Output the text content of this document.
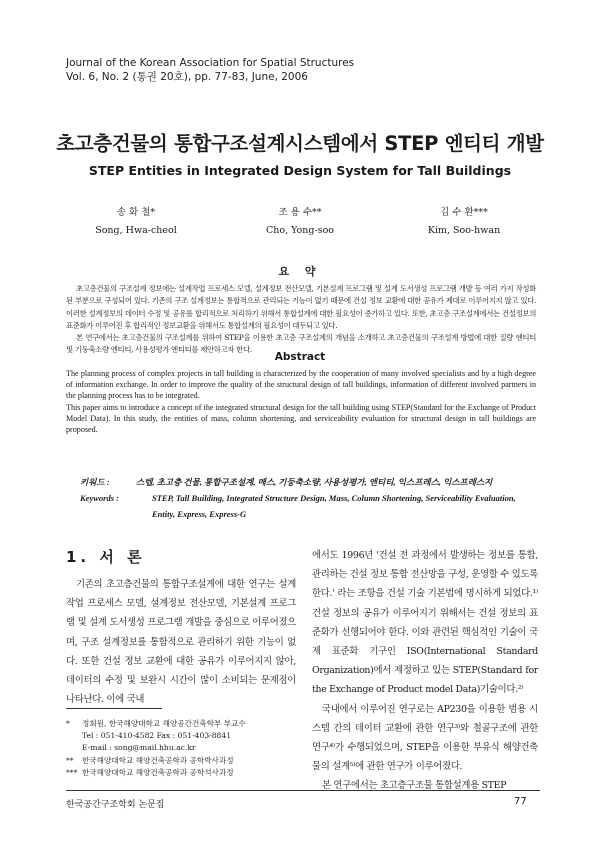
Journal of the Korean Association for Spatial Structures
Vol. 6, No. 2 (통권 20호), pp. 77-83, June, 2006
초고층건물의 통합구조설계시스템에서 STEP 엔티티 개발
STEP Entities in Integrated Design System for Tall Buildings
송 화 철*
Song, Hwa-cheol
조 용 수**
Cho, Yong-soo
김 수 환***
Kim, Soo-hwan
요 약

초고층건물의 구조설계 정보에는 설계작업 프로세스 모델, 설계정보 전산모델, 기본설계 프로그램 및 설계 도서생성 프로그램 개발 등 여러 가지 작성화된 부분으로 구성되어 있다. 기존의 구조 설계정보는 통합적으로 관리되는 기능이 없기 때문에 건설 정보 교환에 대한 공유가 제대로 이루어지지 않고 있다. 이러한 설계정보의 데이터 수정 및 공유를 합리적으로 처리하기 위해서 통합설계에 대한 필요성이 증가하고 있다. 또한, 초고층 구조설계에서는 건설정보의 표준화가 이루어진 후 합리적인 정보교환을 위해서도 통합설계의 필요성이 대두되고 있다.

본 연구에서는 초고층건물의 구조설계를 위하여 STEP을 이용한 초고층 구조설계의 개념을 소개하고 초고층건물의 구조설계 방법에 대한 질량 엔티티 및 기둥축소량 엔티티, 사용성평가 엔티티를 제안하고자 한다.

Abstract

The planning process of complex projects in tall building is characterized by the cooperation of many involved specialists and by a high degree of information exchange. In order to improve the quality of the structural design of tall buildings, information of different involved partners in the planning process has to be integrated.

This paper aims to introduce a concept of the integrated structural design for the tall building using STEP(Standard for the Exchange of Product Model Data). In this study, the entities of mass, column shortening, and serviceability evaluation for structural design in tall buildings are proposed.

키워드 :	스텝, 초고층 건물, 통합구조설계, 매스, 기둥축소량, 사용성평가, 엔티티, 익스프레스, 익스프레스지
Keywords :	STEP, Tall Building, Integrated Structure Design, Mass, Column Shortening, Serviceability Evaluation, Entity, Express, Express-G
1. 서 론

기존의 초고층건물의 통합구조설계에 대한 연구는 설계 작업 프로세스 모델, 설계정보 전산모델, 기본설계 프로그램 및 설계 도서생성 프로그램 개발을 중심으로 이루어졌으며, 구조 설계정보를 통합적으로 관리하기 위한 기능이 없다. 또한 건설 정보 교환에 대한 공유가 이루어지지 않아, 데이터의 수정 및 보완시 시간이 많이 소비되는 문제점이 나타난다. 이에 국내

에서도 1996년 '건설 전 과정에서 발생하는 정보를 통합, 관리하는 건설 정보 통합 전산망을 구성, 운영할 수 있도록 한다.' 라는 조항을 건설 기술 기본법에 명시하게 되었다.¹⁾ 건설 정보의 공유가 이루어지기 위해서는 건설 정보의 표준화가 선행되어야 한다. 이와 관련된 핵심적인 기술이 국제 표준화 기구인 ISO(International Standard Organization)에서 제정하고 있는 STEP(Standard for the Exchange of Product model Data)기술이다.²⁾

국내에서 이루어진 연구로는 AP230을 이용한 범용 시스템 간의 데이터 교환에 관한 연구³⁾와 철골구조에 관한 연구⁴⁾가 수행되었으며, STEP을 이용한 부유식 해양건축물의 설계⁵⁾에 관한 연구가 이루어졌다.

본 연구에서는 초고층구조물 통합설계용 STEP

*	정회원, 한국해양대학교 해양공간건축학부 부교수
Tel : 051-410-4582 Fax : 051-403-8841
E-mail : song@mail.hhu.ac.kr
**	한국해양대학교 해양건축공학과 공학박사과정
*** 한국해양대학교 해양건축공학과 공학석사과정
한국공간구조학회 논문집	77
